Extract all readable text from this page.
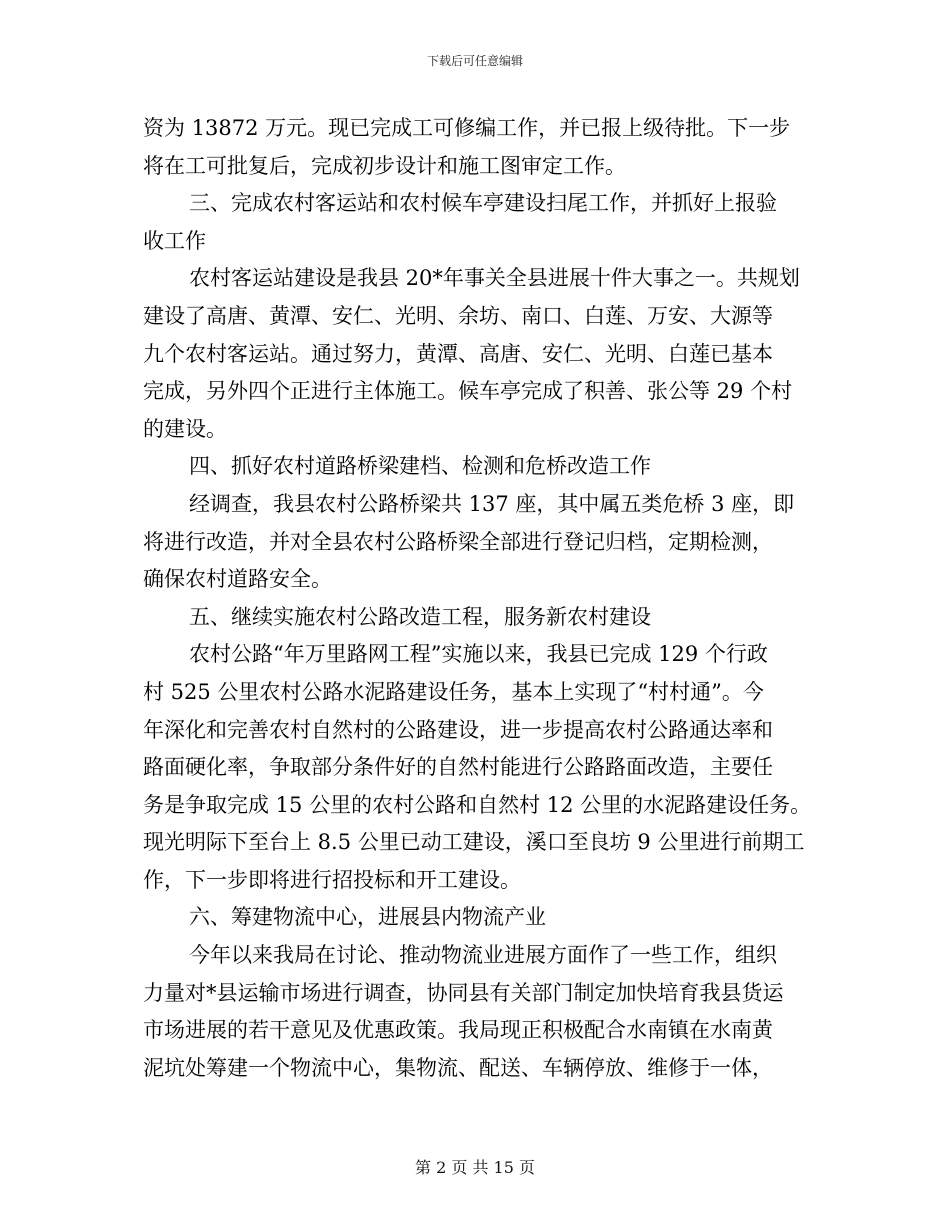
下载后可任意编辑
资为 13872 万元。现已完成工可修编工作，并已报上级待批。下一步
将在工可批复后，完成初步设计和施工图审定工作。
三、完成农村客运站和农村候车亭建设扫尾工作，并抓好上报验
收工作
农村客运站建设是我县 20*年事关全县进展十件大事之一。共规划
建设了高唐、黄潭、安仁、光明、余坊、南口、白莲、万安、大源等
九个农村客运站。通过努力，黄潭、高唐、安仁、光明、白莲已基本
完成，另外四个正进行主体施工。候车亭完成了积善、张公等 29 个村
的建设。
四、抓好农村道路桥梁建档、检测和危桥改造工作
经调查，我县农村公路桥梁共 137 座，其中属五类危桥 3 座，即
将进行改造，并对全县农村公路桥梁全部进行登记归档，定期检测，
确保农村道路安全。
五、继续实施农村公路改造工程，服务新农村建设
农村公路“年万里路网工程”实施以来，我县已完成 129 个行政
村 525 公里农村公路水泥路建设任务，基本上实现了“村村通”。今
年深化和完善农村自然村的公路建设，进一步提高农村公路通达率和
路面硬化率，争取部分条件好的自然村能进行公路路面改造，主要任
务是争取完成 15 公里的农村公路和自然村 12 公里的水泥路建设任务。
现光明际下至台上 8.5 公里已动工建设，溪口至良坊 9 公里进行前期工
作，下一步即将进行招投标和开工建设。
六、筹建物流中心，进展县内物流产业
今年以来我局在讨论、推动物流业进展方面作了一些工作，组织
力量对*县运输市场进行调查，协同县有关部门制定加快培育我县货运
市场进展的若干意见及优惠政策。我局现正积极配合水南镇在水南黄
泥坑处筹建一个物流中心，集物流、配送、车辆停放、维修于一体，
第 2 页 共 15 页
